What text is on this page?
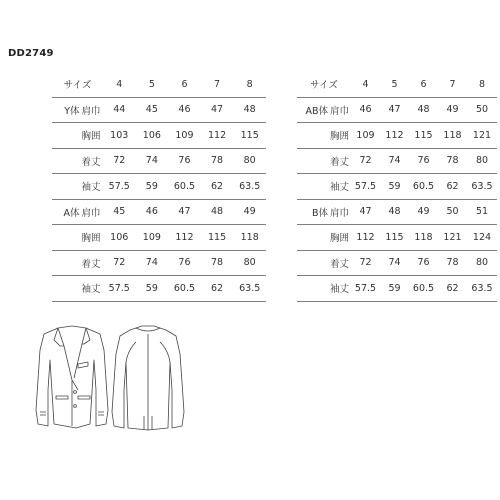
DD2749
サイズ		4	5	6	7	8
Y体	肩巾	44	45	46	47	48
	胸囲	103	106	109	112	115
	着丈	72	74	76	78	80
	袖丈	57.5	59	60.5	62	63.5
A体	肩巾	45	46	47	48	49
	胸囲	106	109	112	115	118
	着丈	72	74	76	78	80
	袖丈	57.5	59	60.5	62	63.5
サイズ		4	5	6	7	8
AB体	肩巾	46	47	48	49	50
	胸囲	109	112	115	118	121
	着丈	72	74	76	78	80
	袖丈	57.5	59	60.5	62	63.5
B体	肩巾	47	48	49	50	51
	胸囲	112	115	118	121	124
	着丈	72	74	76	78	80
	袖丈	57.5	59	60.5	62	63.5
